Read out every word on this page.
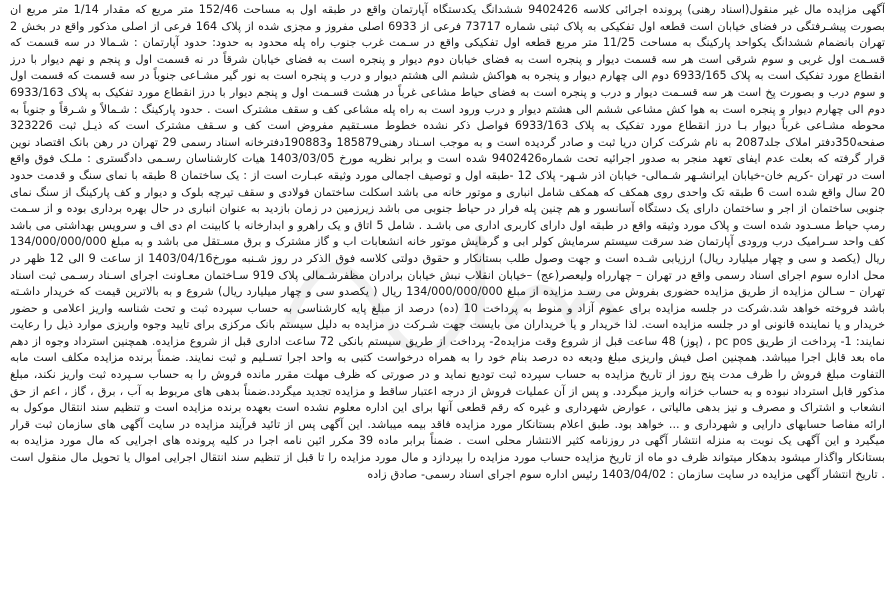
آگهی مزایده مال غیر منقول(اسناد رهنی) پرونده اجرائی کلاسه 9402426 ششدانگ یکدستگاه آپارتمان واقع در طبقه اول به مساحت 152/46 متر مربع که مقدار 1/14 متر مربع ان بصورت پیشـرفتگی در فضای خیابان است قطعه اول تفکیکی به پلاک ثبتی شماره 73717 فرعی از 6933 اصلی مفروز و مجزی شده از پلاک 164 فرعی از اصلی مذکور واقع در بخش 2 تهران بانضمام ششدانگ یکواحد پارکینگ به مساحت 11/25 متر مربع قطعه اول تفکیکی واقع در سـمت غرب جنوب راه پله محدود به حدود: حدود آپارتمان : شـمالا در سه قسمت که قسـمت اول غربی و سوم شرقی است هر سه قسمت دیوار و پنجره است به فضای خیابان دوم دیوار و پنجره است به فضای خیابان شرقاً در نه قسمت اول و پنجم و نهم دیوار با درز انقطاع مورد تفکیک است به پلاک 6933/165 دوم الی چهارم دیوار و پنجره به هواکش ششم الی هشتم دیوار و درب و پنجره است به نور گیر مشـاعی جنوباً در سه قسمت که قسمت اول و سوم درب و بصورت پخ است هر سه قسـمت دیوار و درب و پنجره است به فضای حیاط مشاعی غرباً در هشت قسـمت اول و پنجم دیوار با درز انقطاع مورد تفکیک به پلاک 6933/163 دوم الی چهارم دیوار و پنجره است به هوا کش مشاعی ششم الی هشتم دیوار و درب ورود است به راه پله مشاعی کف و سقف مشترک است . حدود پارکینگ : شـمالاً و شـرقاً و جنوباً به محوطه مشـاعی غرباً دیوار بـا درز انقطاع مورد تفکیک به پلاک 6933/163 فواصل ذکر نشده خطوط مسـتقیم مفروض است کف و سـقف مشترک است که ذیـل ثبت 323226 صفحه350دفتر املاک جلد2087 به نام شرکت کران دریا ثبت و صادر گردیده است و به موجب اسـناد رهنی185879 و190883دفترخانه اسناد رسمی 29 تهران در رهن بانک اقتصاد نوین قرار گرفته که بعلت عدم ایفای تعهد منجر به صدور اجرائیه تحت شماره9402426 شده است و برابر نظریه مورخ 1403/03/05 هیات کارشناسان رسـمی دادگستری : ملـک فوق واقع است در تهران -کریم خان-خیابان ایرانشـهر شـمالی- خیابان اذر شـهر- پلاک 12 -طبقه اول و توصیف اجمالی مورد وثیقه عبـارت است از : یک ساختمان 8 طبقه با نمای سنگ و قدمت حدود 20 سال واقع شده است 6 طبقه تک واحدی روی همکف که همکف شامل انباری و موتور خانه می باشد اسکلت ساختمان فولادی و سقف تیرچه بلوک و دیوار و کف پارکینگ از سنگ نمای جنوبی ساختمان از اجر و ساختمان دارای یک دستگاه آسانسور و هم چنین پله فرار در حیاط جنوبی می باشد زیرزمین در زمان بازدید به عنوان انباری در حال بهره برداری بوده و از سـمت رمپ حیاط مسـدود شده است و پلاک مورد وثیقه واقع در طبقه اول دارای کاربری اداری می باشـد . شامل 5 اتاق و یک راهرو و ابدارخانه با کابینت ام دی اف و سرویس بهداشتی می باشد کف واحد سـرامیک درب ورودی آپارتمان ضد سرقت سیستم سرمایش کولر ابی و گرمایش موتور خانه انشعابات اب و گاز مشترک و برق مسـتقل می باشد و به مبلغ 134/000/000/000 ریال (یکصد و سی و چهار میلیارد ریال) ارزیابی شـده است و جهت وصول طلب بستانکار و حقوق دولتی کلاسه فوق الذکر در روز شـنبه مورخ1403/04/16 از ساعت 9 الی 12 ظهر در محل اداره سوم اجرای اسناد رسمی واقع در تهران – چهارراه ولیعصر(عج) –خیابان انقلاب نبش خیابان برادران مظفرشـمالی پلاک 919 سـاختمان معـاونت اجرای اسـناد رسـمی ثبت اسناد تهران – سـالن مزایده از طریق مزایده حضوری بفروش می رسـد مزایده از مبلغ 134/000/000/000 ریال ( یکصدو سی و چهار میلیارد ریال) شروع و به بالاترین قیمت که خریدار داشـته باشد فروخته خواهد شد.شرکت در جلسه مزایده برای عموم آزاد و منوط به پرداخت 10 (ده) درصد از مبلغ پایه کارشناسی به حساب سپرده ثبت و تحت شناسه واریز اعلامی و حضور خریدار و یا نماینده قانونی او در جلسه مزایده است. لذا خریدار و یا خریداران می بایست جهت شـرکت در مزایده به دلیل سیستم بانک مرکزی برای تایید وجوه واریزی موارد ذیل را رعایت نمایند: 1- پرداخت از طریق pc pos ، (پوز) 48 ساعت قبل از شروع وقت مزایده2- پرداخت از طریق سیستم بانکی 72 ساعت اداری قبل از شروع مزایده. همچنین استرداد وجوه از دهم ماه بعد قابل اجرا میباشد. همچنین اصل فیش واریزی مبلغ ودیعه ده درصد بنام خود را به همراه درخواست کتبی به واحد اجرا تسـلیم و ثبت نمایند. ضمناً برنده مزایده مکلف است مابه التفاوت مبلغ فروش را ظرف مدت پنج روز از تاریخ مزایده به حساب سپرده ثبت تودیع نماید و در صورتی که ظرف مهلت مقرر مانده فروش را به حساب سـپرده ثبت واریز نکند، مبلغ مذکور قابل استرداد نبوده و به حساب خزانه واریز میگردد. و پس از آن عملیات فروش از درجه اعتبار ساقط و مزایده تجدید میگردد.ضمناً بدهی های مربوط به آب ، برق ، گاز ، اعم از حق انشعاب و اشتراک و مصرف و نیز بدهی مالیاتی ، عوارض شهرداری و غیره که رقم قطعی آنها برای این اداره معلوم نشده است بعهده برنده مزایده است و تنظیم سند انتقال موکول به ارائه مفاصا حسابهای دارایی و شهرداری و ... خواهد بود. طبق اعلام بستانکار مورد مزایده فاقد بیمه میباشد. این آگهی پس از تائید فرآیند مزایده در سایت آگهی های سازمان ثبت قرار میگیرد و این آگهی یک نوبت به منزله انتشار آگهی در روزنامه کثیر الانتشار محلی است . ضمناً برابر ماده 39 مکرر ائین نامه اجرا در کلیه پرونده های اجرایی که مال مورد مزایده به بستانکار واگذار میشود بدهکار میتواند ظرف دو ماه از تاریخ مزایده حساب مورد مزایده را بپردازد و مال مورد مزایده را تا قبل از تنظیم سند انتقال اجرایی اموال یا تحویل مال منقول است . تاریخ انتشار آگهی مزایده در سایت سازمان : 1403/04/02 رئیس اداره سوم اجرای اسناد رسمی- صادق زاده
